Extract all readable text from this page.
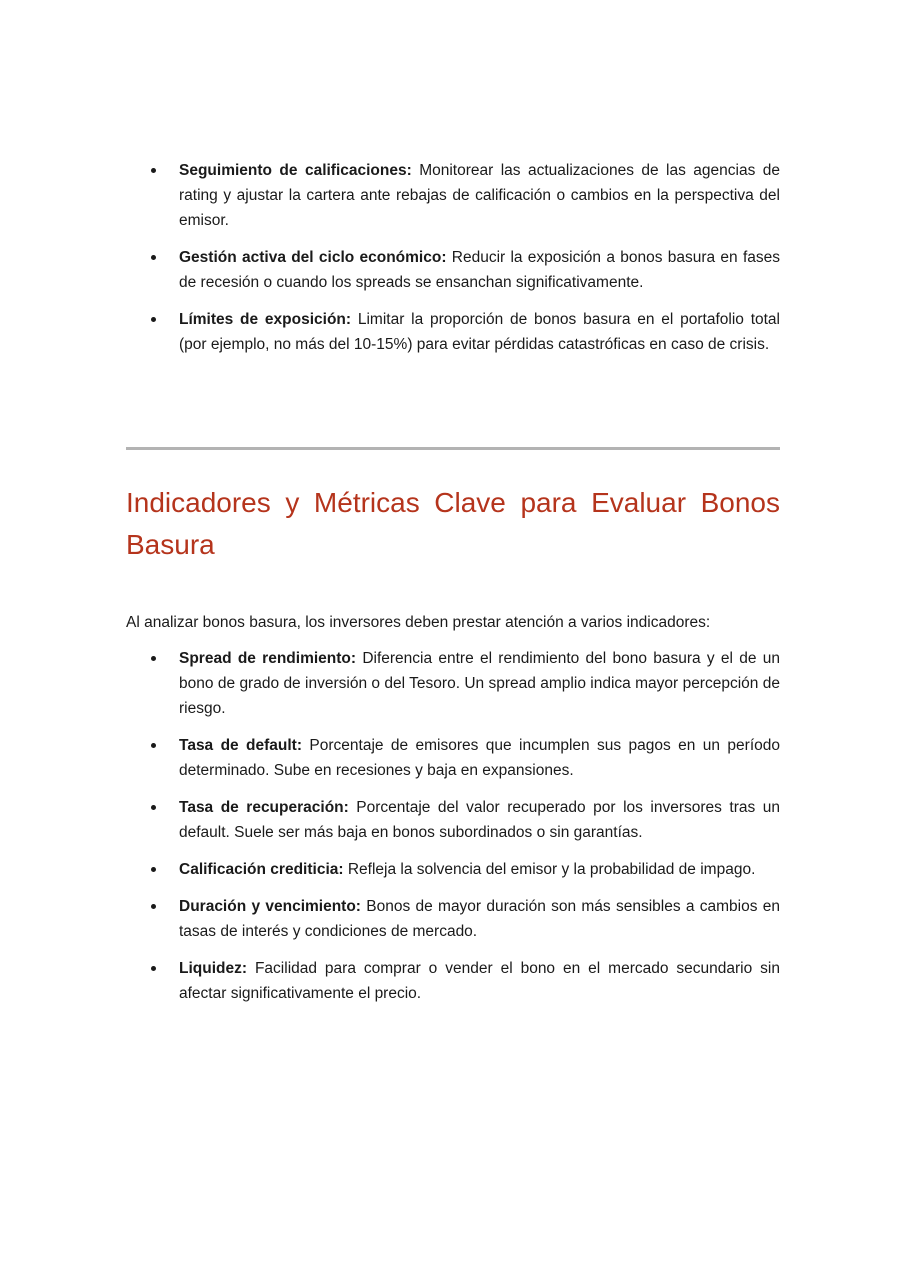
Seguimiento de calificaciones: Monitorear las actualizaciones de las agencias de rating y ajustar la cartera ante rebajas de calificación o cambios en la perspectiva del emisor.
Gestión activa del ciclo económico: Reducir la exposición a bonos basura en fases de recesión o cuando los spreads se ensanchan significativamente.
Límites de exposición: Limitar la proporción de bonos basura en el portafolio total (por ejemplo, no más del 10-15%) para evitar pérdidas catastróficas en caso de crisis.
Indicadores y Métricas Clave para Evaluar Bonos Basura

Al analizar bonos basura, los inversores deben prestar atención a varios indicadores:

Spread de rendimiento: Diferencia entre el rendimiento del bono basura y el de un bono de grado de inversión o del Tesoro. Un spread amplio indica mayor percepción de riesgo.
Tasa de default: Porcentaje de emisores que incumplen sus pagos en un período determinado. Sube en recesiones y baja en expansiones.
Tasa de recuperación: Porcentaje del valor recuperado por los inversores tras un default. Suele ser más baja en bonos subordinados o sin garantías.
Calificación crediticia: Refleja la solvencia del emisor y la probabilidad de impago.
Duración y vencimiento: Bonos de mayor duración son más sensibles a cambios en tasas de interés y condiciones de mercado.
Liquidez: Facilidad para comprar o vender el bono en el mercado secundario sin afectar significativamente el precio.
